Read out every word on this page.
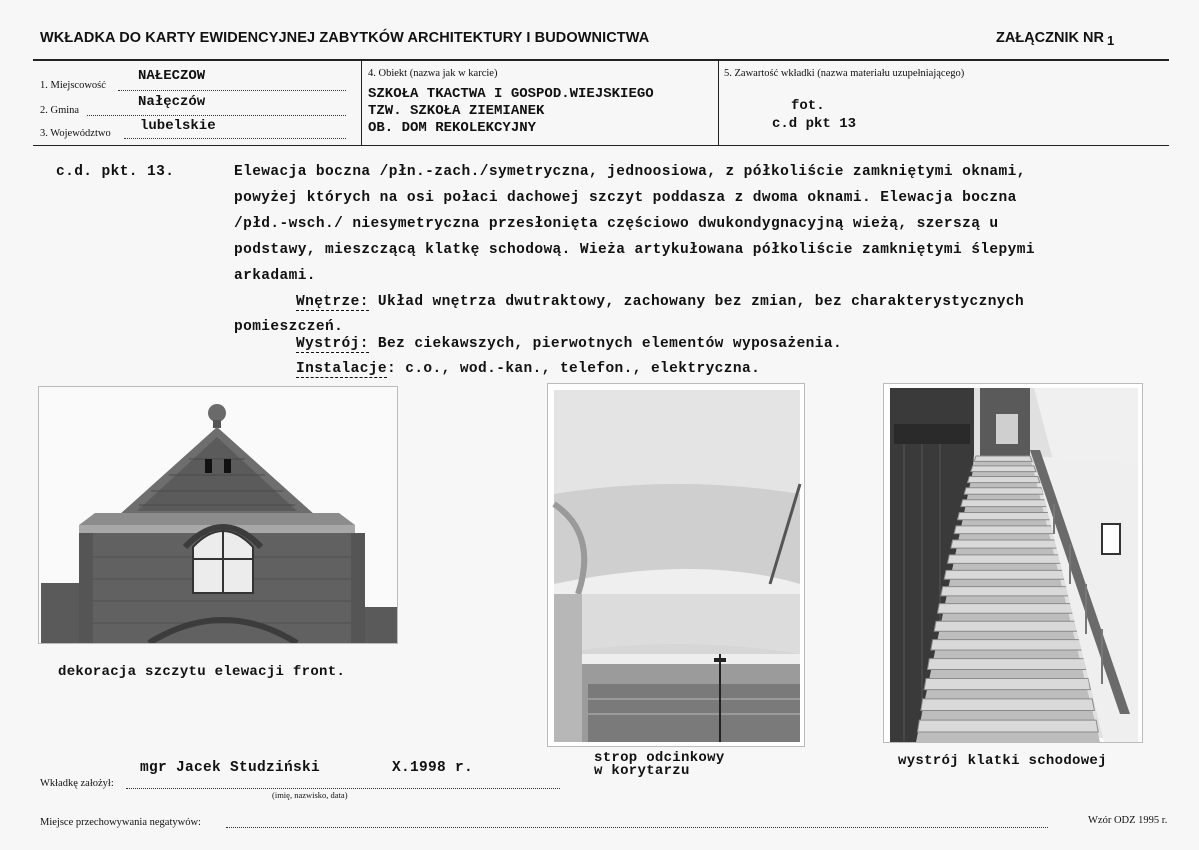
WKŁADKA DO KARTY EWIDENCYJNEJ ZABYTKÓW ARCHITEKTURY I BUDOWNICTWA	ZAŁĄCZNIK NR 1
1. Miejscowość
NAŁECZOW
2. Gmina
Nałęczów
3. Województwo lubelskie
4. Obiekt (nazwa jak w karcie)
SZKOŁA TKACTWA I GOSPOD.WIEJSKIEGO
TZW. SZKOŁA ZIEMIANEK
OB. DOM REKOLEKCYJNY
5. Zawartość wkładki (nazwa materiału uzupełniającego)
fot.
c.d pkt 13
c.d. pkt. 13.	Elewacja boczna /płn.-zach./symetryczna, jednoosiowa, z półkoliście zamkniętymi oknami,
powyżej których na osi połaci dachowej szczyt poddasza z dwoma oknami. Elewacja boczna
/płd.-wsch./ niesymetryczna przesłonięta częściowo dwukondygnacyjną wieżą, szerszą u
podstawy, mieszczącą klatkę schodową. Wieża artykułowana półkoliście zamkniętymi ślepymi
arkadami.
Wnętrze: Układ wnętrza dwutraktowy, zachowany bez zmian, bez charakterystycznych
pomieszczeń.
Wystrój: Bez ciekawszych, pierwotnych elementów wyposażenia.
Instalacje: c.o., wod.-kan., telefon., elektryczna.
dekoracja szczytu elewacji front.
strop odcinkowy
w korytarzu
wystrój klatki schodowej
mgr Jacek Studziński	X.1998 r.
Wkładkę założył:
(imię, nazwisko, data)
Miejsce przechowywania negatywów:	Wzór ODZ 1995 r.
